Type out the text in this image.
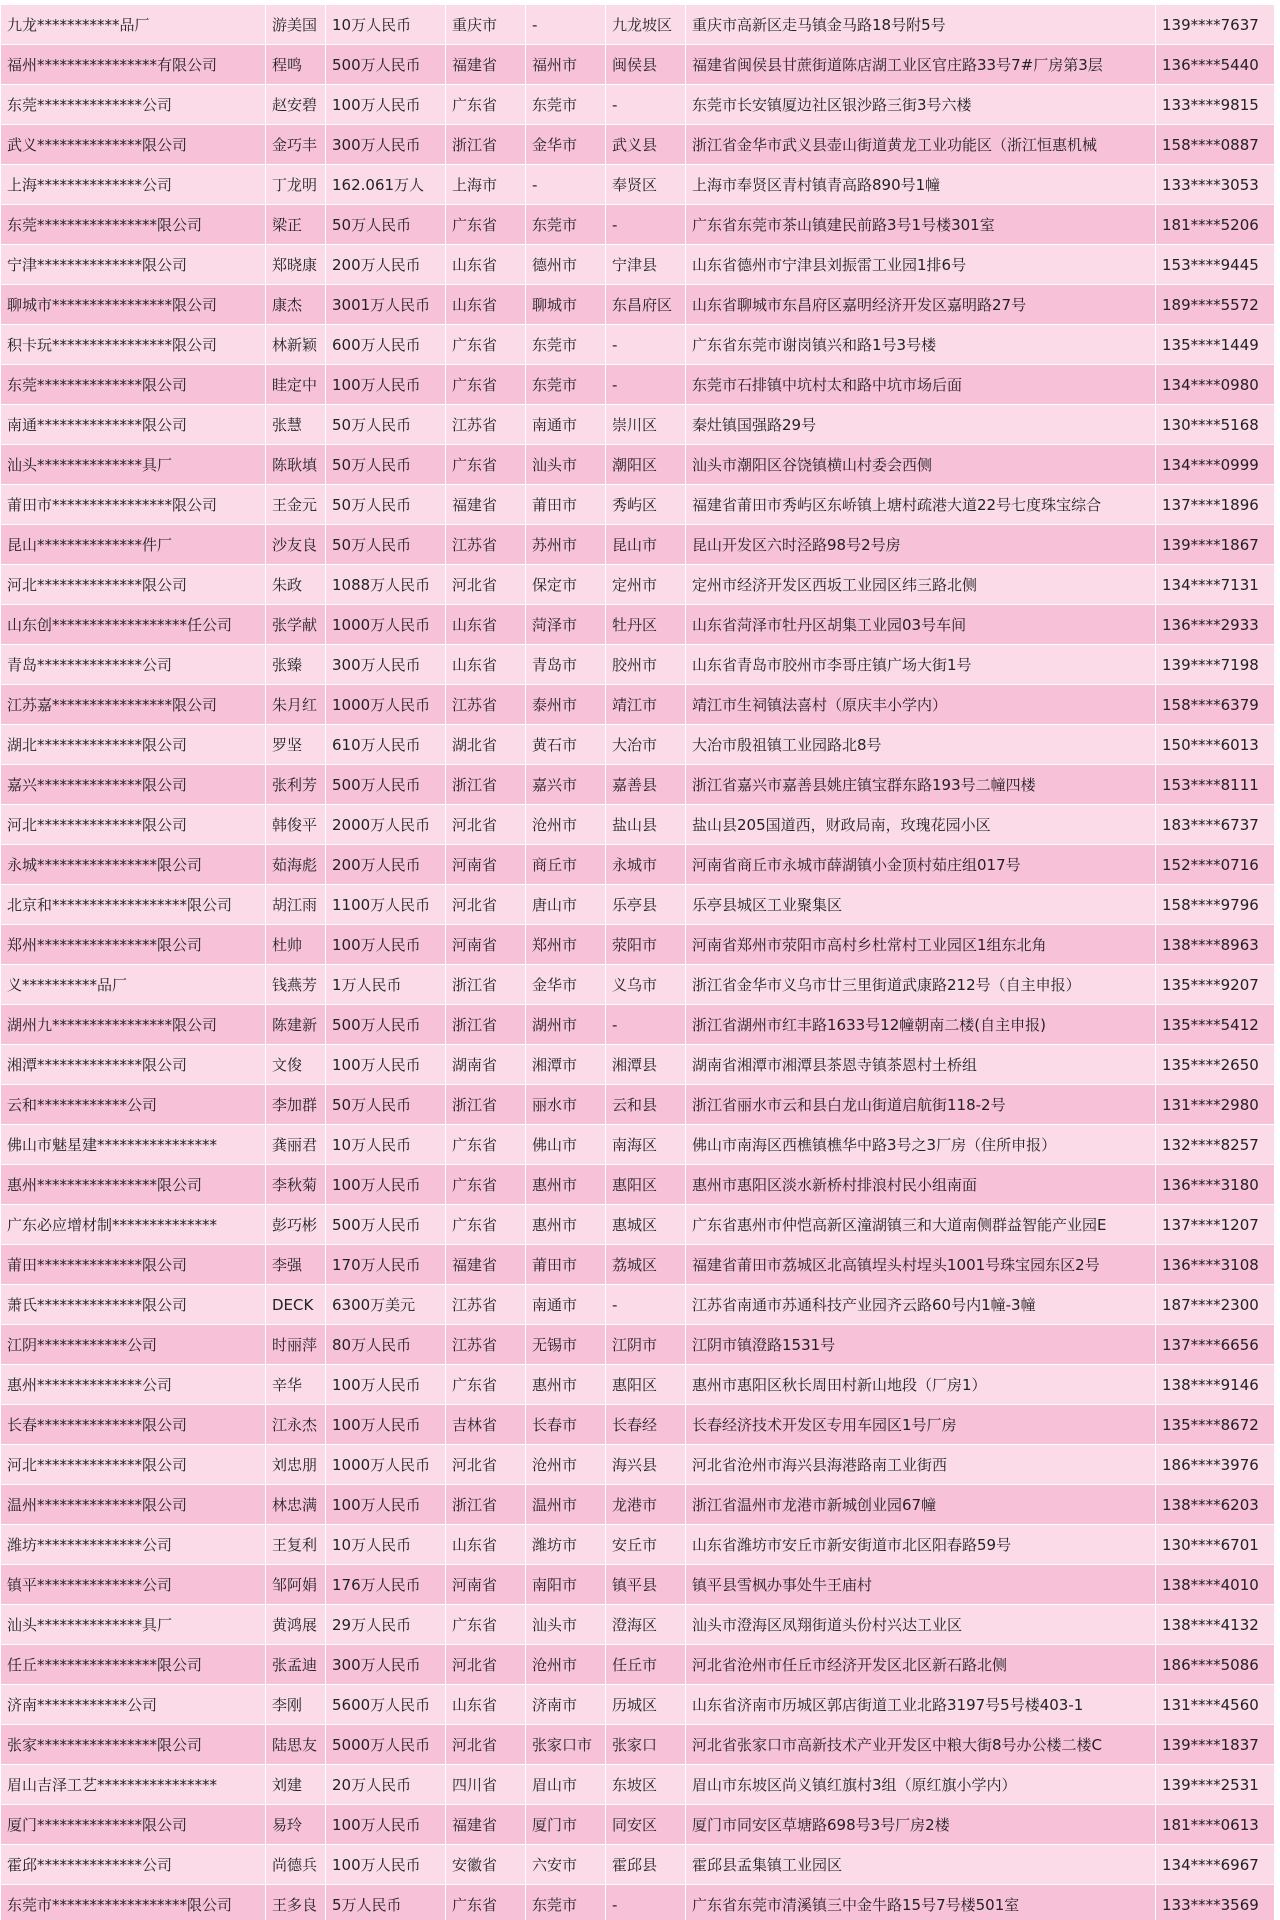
九龙***********品厂	游美国	10万人民币	重庆市	-	九龙坡区	重庆市高新区走马镇金马路18号附5号	139****7637
福州****************有限公司	程鸣	500万人民币	福建省	福州市	闽侯县	福建省闽侯县甘蔗街道陈店湖工业区官庄路33号7#厂房第3层	136****5440
东莞**************公司	赵安碧	100万人民币	广东省	东莞市	-	东莞市长安镇厦边社区银沙路三街3号六楼	133****9815
武义**************限公司	金巧丰	300万人民币	浙江省	金华市	武义县	浙江省金华市武义县壶山街道黄龙工业功能区（浙江恒惠机械	158****0887
上海**************公司	丁龙明	162.061万人	上海市	-	奉贤区	上海市奉贤区青村镇青高路890号1幢	133****3053
东莞****************限公司	梁正	50万人民币	广东省	东莞市	-	广东省东莞市茶山镇建民前路3号1号楼301室	181****5206
宁津**************限公司	郑晓康	200万人民币	山东省	德州市	宁津县	山东省德州市宁津县刘振雷工业园1排6号	153****9445
聊城市****************限公司	康杰	3001万人民币	山东省	聊城市	东昌府区	山东省聊城市东昌府区嘉明经济开发区嘉明路27号	189****5572
积卡玩****************限公司	林新颖	600万人民币	广东省	东莞市	-	广东省东莞市谢岗镇兴和路1号3号楼	135****1449
东莞**************限公司	眭定中	100万人民币	广东省	东莞市	-	东莞市石排镇中坑村太和路中坑市场后面	134****0980
南通**************限公司	张慧	50万人民币	江苏省	南通市	崇川区	秦灶镇国强路29号	130****5168
汕头**************具厂	陈耿填	50万人民币	广东省	汕头市	潮阳区	汕头市潮阳区谷饶镇横山村委会西侧	134****0999
莆田市****************限公司	王金元	50万人民币	福建省	莆田市	秀屿区	福建省莆田市秀屿区东峤镇上塘村疏港大道22号七度珠宝综合	137****1896
昆山**************件厂	沙友良	50万人民币	江苏省	苏州市	昆山市	昆山开发区六时泾路98号2号房	139****1867
河北**************限公司	朱政	1088万人民币	河北省	保定市	定州市	定州市经济开发区西坂工业园区纬三路北侧	134****7131
山东创******************任公司	张学献	1000万人民币	山东省	菏泽市	牡丹区	山东省菏泽市牡丹区胡集工业园03号车间	136****2933
青岛**************公司	张臻	300万人民币	山东省	青岛市	胶州市	山东省青岛市胶州市李哥庄镇广场大街1号	139****7198
江苏嘉****************限公司	朱月红	1000万人民币	江苏省	泰州市	靖江市	靖江市生祠镇法喜村（原庆丰小学内）	158****6379
湖北**************限公司	罗坚	610万人民币	湖北省	黄石市	大冶市	大冶市殷祖镇工业园路北8号	150****6013
嘉兴**************限公司	张利芳	500万人民币	浙江省	嘉兴市	嘉善县	浙江省嘉兴市嘉善县姚庄镇宝群东路193号二幢四楼	153****8111
河北**************限公司	韩俊平	2000万人民币	河北省	沧州市	盐山县	盐山县205国道西，财政局南，玫瑰花园小区	183****6737
永城****************限公司	茹海彪	200万人民币	河南省	商丘市	永城市	河南省商丘市永城市薛湖镇小金顶村茹庄组017号	152****0716
北京和******************限公司	胡江雨	1100万人民币	河北省	唐山市	乐亭县	乐亭县城区工业聚集区	158****9796
郑州****************限公司	杜帅	100万人民币	河南省	郑州市	荥阳市	河南省郑州市荥阳市高村乡杜常村工业园区1组东北角	138****8963
义**********品厂	钱燕芳	1万人民币	浙江省	金华市	义乌市	浙江省金华市义乌市廿三里街道武康路212号（自主申报）	135****9207
湖州九****************限公司	陈建新	500万人民币	浙江省	湖州市	-	浙江省湖州市红丰路1633号12幢朝南二楼(自主申报)	135****5412
湘潭**************限公司	文俊	100万人民币	湖南省	湘潭市	湘潭县	湖南省湘潭市湘潭县茶恩寺镇茶恩村土桥组	135****2650
云和************公司	李加群	50万人民币	浙江省	丽水市	云和县	浙江省丽水市云和县白龙山街道启航街118-2号	131****2980
佛山市魅星建****************	龚丽君	10万人民币	广东省	佛山市	南海区	佛山市南海区西樵镇樵华中路3号之3厂房（住所申报）	132****8257
惠州****************限公司	李秋菊	100万人民币	广东省	惠州市	惠阳区	惠州市惠阳区淡水新桥村排浪村民小组南面	136****3180
广东必应增材制**************	彭巧彬	500万人民币	广东省	惠州市	惠城区	广东省惠州市仲恺高新区潼湖镇三和大道南侧群益智能产业园E	137****1207
莆田**************限公司	李强	170万人民币	福建省	莆田市	荔城区	福建省莆田市荔城区北高镇埕头村埕头1001号珠宝园东区2号	136****3108
萧氏**************限公司	DECK	6300万美元	江苏省	南通市	-	江苏省南通市苏通科技产业园齐云路60号内1幢-3幢	187****2300
江阴************公司	时丽萍	80万人民币	江苏省	无锡市	江阴市	江阴市镇澄路1531号	137****6656
惠州**************公司	辛华	100万人民币	广东省	惠州市	惠阳区	惠州市惠阳区秋长周田村新山地段（厂房1）	138****9146
长春**************限公司	江永杰	100万人民币	吉林省	长春市	长春经	长春经济技术开发区专用车园区1号厂房	135****8672
河北**************限公司	刘忠朋	1000万人民币	河北省	沧州市	海兴县	河北省沧州市海兴县海港路南工业街西	186****3976
温州**************限公司	林忠满	100万人民币	浙江省	温州市	龙港市	浙江省温州市龙港市新城创业园67幢	138****6203
潍坊**************公司	王复利	10万人民币	山东省	潍坊市	安丘市	山东省潍坊市安丘市新安街道市北区阳春路59号	130****6701
镇平**************公司	邹阿娟	176万人民币	河南省	南阳市	镇平县	镇平县雪枫办事处牛王庙村	138****4010
汕头**************具厂	黄鸿展	29万人民币	广东省	汕头市	澄海区	汕头市澄海区凤翔街道头份村兴达工业区	138****4132
任丘****************限公司	张孟迪	300万人民币	河北省	沧州市	任丘市	河北省沧州市任丘市经济开发区北区新石路北侧	186****5086
济南************公司	李刚	5600万人民币	山东省	济南市	历城区	山东省济南市历城区郭店街道工业北路3197号5号楼403-1	131****4560
张家****************限公司	陆思友	5000万人民币	河北省	张家口市	张家口	河北省张家口市高新技术产业开发区中粮大街8号办公楼二楼C	139****1837
眉山吉泽工艺****************	刘建	20万人民币	四川省	眉山市	东坡区	眉山市东坡区尚义镇红旗村3组（原红旗小学内）	139****2531
厦门**************限公司	易玲	100万人民币	福建省	厦门市	同安区	厦门市同安区草塘路698号3号厂房2楼	181****0613
霍邱**************公司	尚德兵	100万人民币	安徽省	六安市	霍邱县	霍邱县孟集镇工业园区	134****6967
东莞市******************限公司	王多良	5万人民币	广东省	东莞市	-	广东省东莞市清溪镇三中金牛路15号7号楼501室	133****3569
